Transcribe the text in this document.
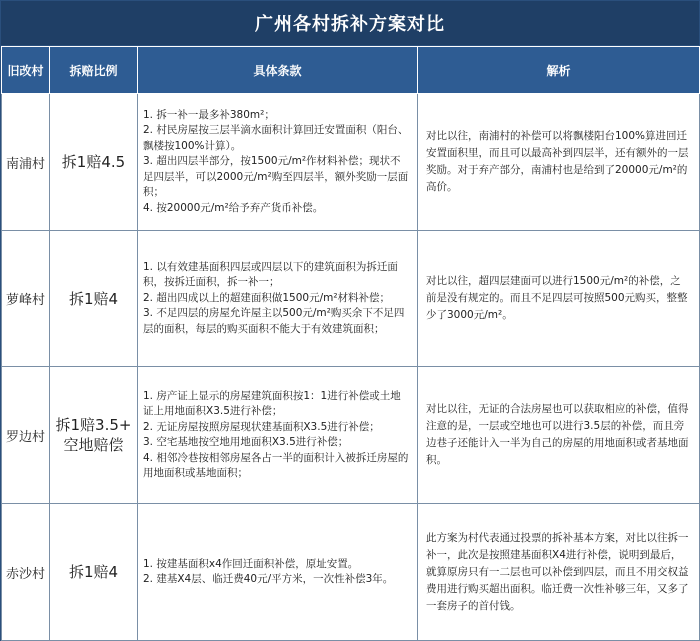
广州各村拆补方案对比
旧改村	拆赔比例	具体条款	解析
南浦村	拆1赔4.5	1. 拆一补一最多补380m²；
2. 村民房屋按三层半滴水面积计算回迁安置面积（阳台、飘楼按100%计算）。
3. 超出四层半部分，按1500元/m²作材料补偿；现状不足四层半，可以2000元/m²购至四层半，额外奖励一层面积；
4. 按20000元/m²给予弃产货币补偿。	对比以往，南浦村的补偿可以将飘楼阳台100%算进回迁安置面积里，而且可以最高补到四层半，还有额外的一层奖励。对于弃产部分，南浦村也是给到了20000元/m²的高价。
萝峰村	拆1赔4	1. 以有效建基面积四层或四层以下的建筑面积为拆迁面积，按拆迁面积，拆一补一；
2. 超出四成以上的超建面积做1500元/m²材料补偿；
3. 不足四层的房屋允许屋主以500元/m²购买余下不足四层的面积，每层的购买面积不能大于有效建筑面积；	对比以往，超四层建面可以进行1500元/m²的补偿，之前是没有规定的。而且不足四层可按照500元购买，整整少了3000元/m²。
罗边村	拆1赔3.5+
空地赔偿	1. 房产证上显示的房屋建筑面积按1：1进行补偿或土地证上用地面积X3.5进行补偿；
2. 无证房屋按照房屋现状建基面积X3.5进行补偿；
3. 空宅基地按空地用地面积X3.5进行补偿；
4. 相邻冷巷按相邻房屋各占一半的面积计入被拆迁房屋的用地面积或基地面积；	对比以往，无证的合法房屋也可以获取相应的补偿，值得注意的是，一层或空地也可以进行3.5层的补偿，而且旁边巷子还能计入一半为自己的房屋的用地面积或者基地面积。
赤沙村	拆1赔4	1. 按建基面积x4作回迁面积补偿，原址安置。
2. 建基X4层、临迁费40元/平方米，一次性补偿3年。	此方案为村代表通过投票的拆补基本方案，对比以往拆一补一，此次是按照建基面积X4进行补偿，说明到最后，就算原房只有一二层也可以补偿到四层，而且不用交权益费用进行购买超出面积。临迁费一次性补够三年，又多了一套房子的首付钱。
